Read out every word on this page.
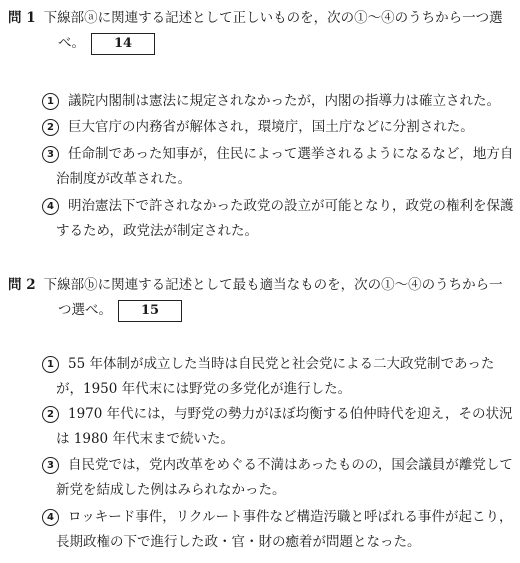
問 1 下線部ⓐに関連する記述として正しいものを，次の①～④のうちから一つ選
べ。 14
1	議院内閣制は憲法に規定されなかったが，内閣の指導力は確立された。
2	巨大官庁の内務省が解体され，環境庁，国土庁などに分割された。
3	任命制であった知事が，住民によって選挙されるようになるなど，地方自
治制度が改革された。
4	明治憲法下で許されなかった政党の設立が可能となり，政党の権利を保護
するため，政党法が制定された。
問 2 下線部ⓑに関連する記述として最も適当なものを，次の①～④のうちから一
つ選べ。 15
1	55 年体制が成立した当時は自民党と社会党による二大政党制であった
が，1950 年代末には野党の多党化が進行した。
2	1970 年代には，与野党の勢力がほぼ均衡する伯仲時代を迎え，その状況
は 1980 年代末まで続いた。
3	自民党では，党内改革をめぐる不満はあったものの，国会議員が離党して
新党を結成した例はみられなかった。
4	ロッキード事件，リクルート事件など構造汚職と呼ばれる事件が起こり，
長期政権の下で進行した政・官・財の癒着が問題となった。
